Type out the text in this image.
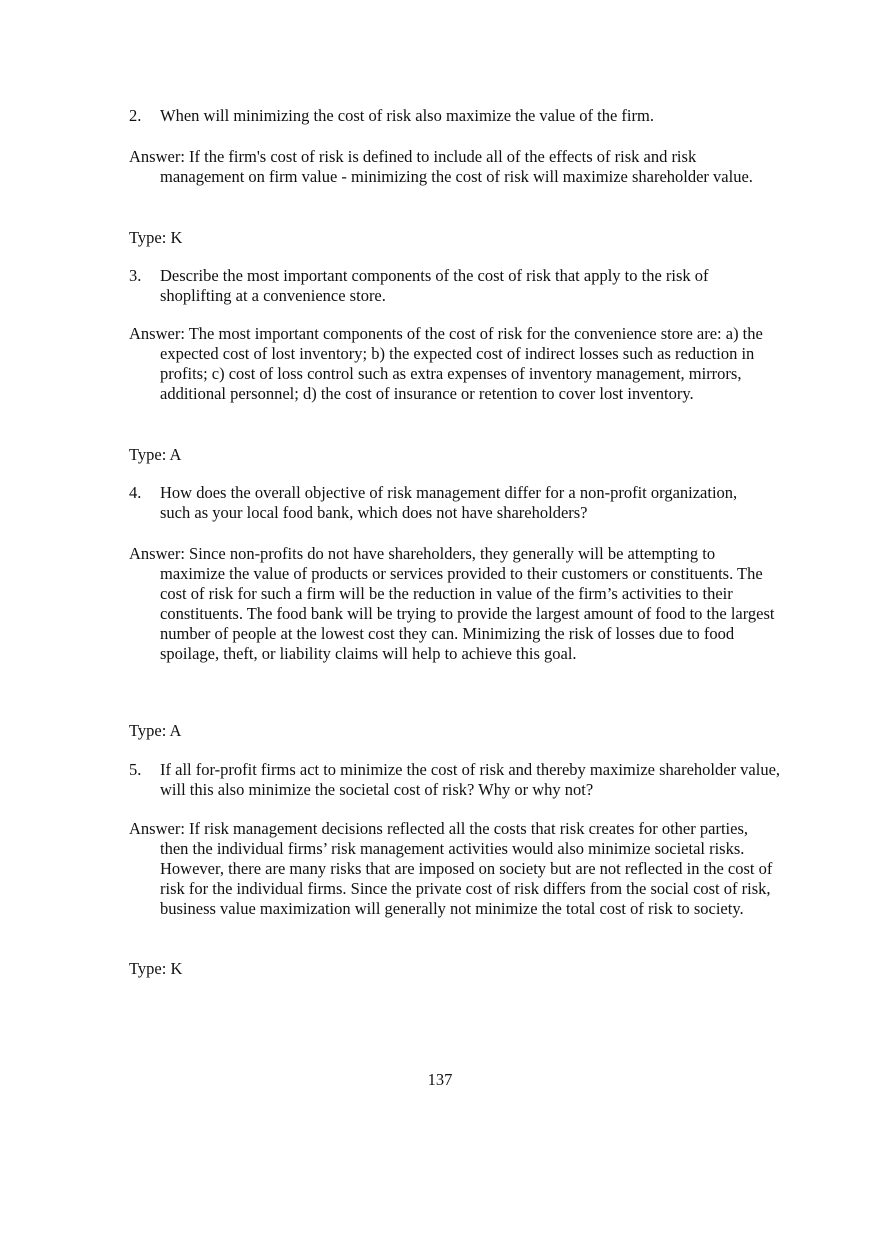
2. When will minimizing the cost of risk also maximize the value of the firm.
Answer: If the firm's cost of risk is defined to include all of the effects of risk and risk management on firm value - minimizing the cost of risk will maximize shareholder value.
Type: K
3. Describe the most important components of the cost of risk that apply to the risk of shoplifting at a convenience store.
Answer: The most important components of the cost of risk for the convenience store are: a) the expected cost of lost inventory; b) the expected cost of indirect losses such as reduction in profits; c) cost of loss control such as extra expenses of inventory management, mirrors, additional personnel; d) the cost of insurance or retention to cover lost inventory.
Type: A
4. How does the overall objective of risk management differ for a non-profit organization, such as your local food bank, which does not have shareholders?
Answer: Since non-profits do not have shareholders, they generally will be attempting to maximize the value of products or services provided to their customers or constituents. The cost of risk for such a firm will be the reduction in value of the firm’s activities to their constituents. The food bank will be trying to provide the largest amount of food to the largest number of people at the lowest cost they can. Minimizing the risk of losses due to food spoilage, theft, or liability claims will help to achieve this goal.
Type: A
5. If all for-profit firms act to minimize the cost of risk and thereby maximize shareholder value, will this also minimize the societal cost of risk? Why or why not?
Answer: If risk management decisions reflected all the costs that risk creates for other parties, then the individual firms’ risk management activities would also minimize societal risks. However, there are many risks that are imposed on society but are not reflected in the cost of risk for the individual firms. Since the private cost of risk differs from the social cost of risk, business value maximization will generally not minimize the total cost of risk to society.
Type: K
137
